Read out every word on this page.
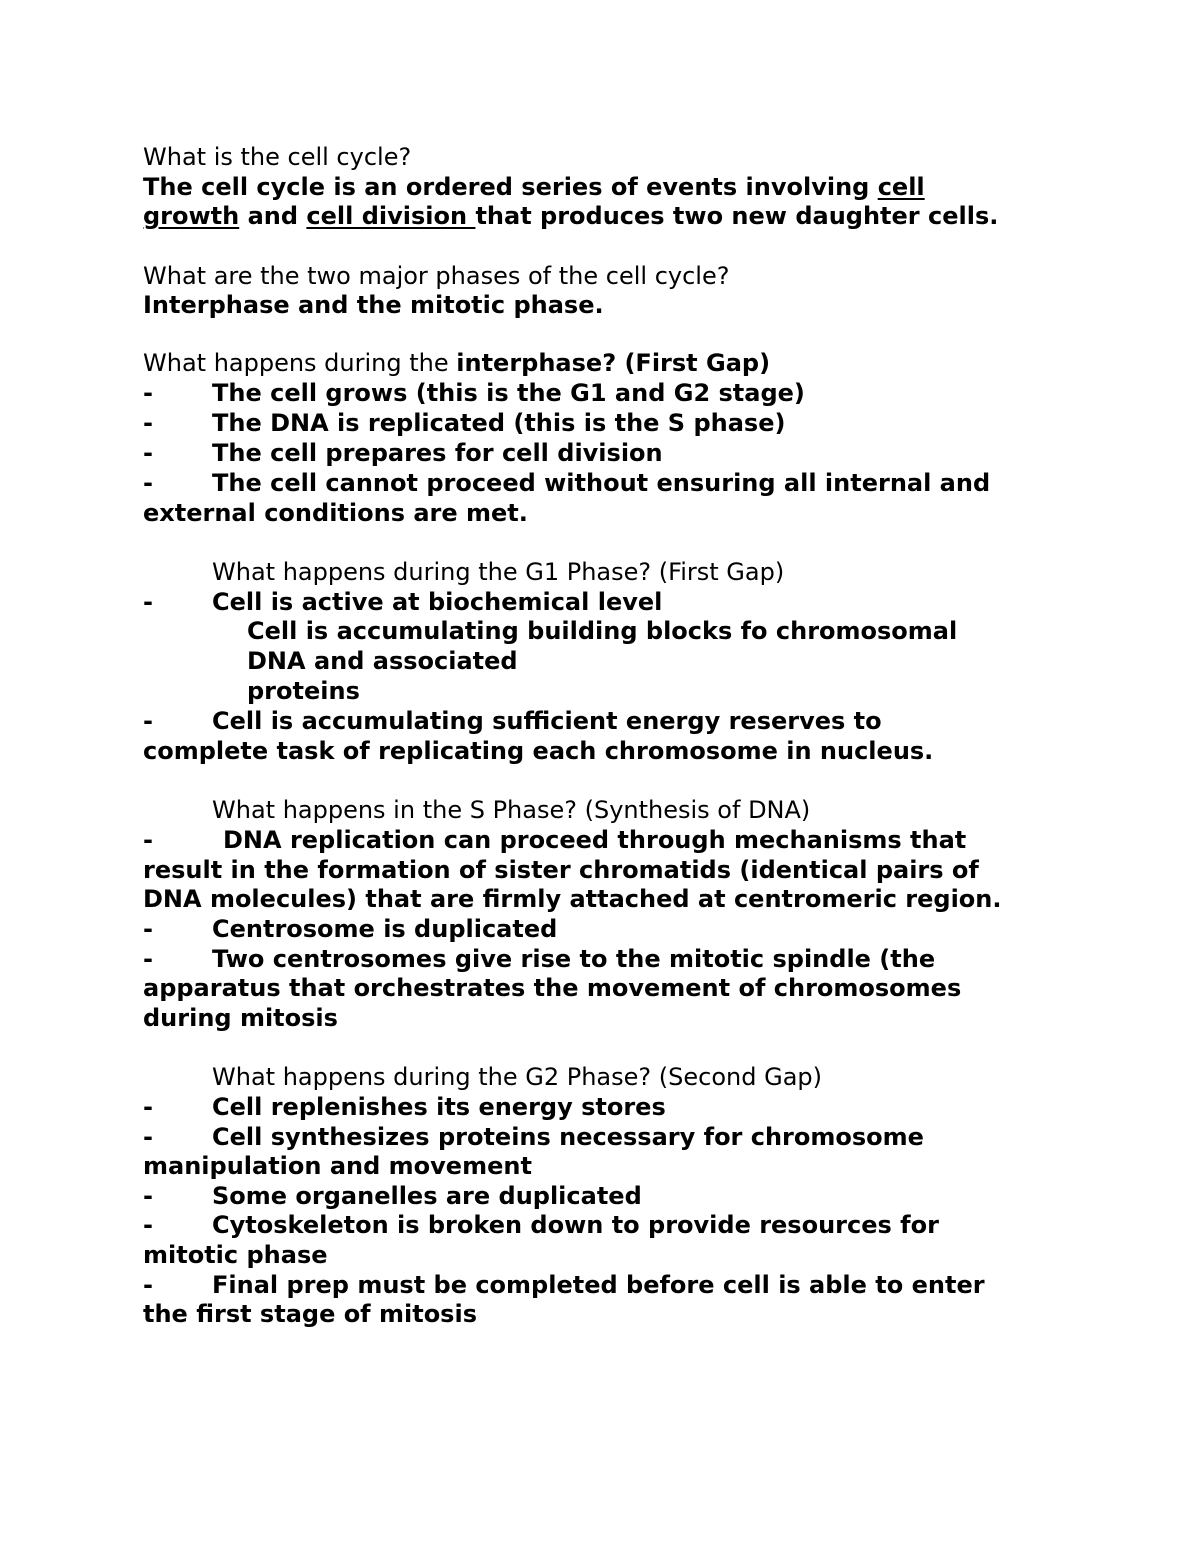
What is the cell cycle?
The cell cycle is an ordered series of events involving cell
growth and cell division that produces two new daughter cells.
What are the two major phases of the cell cycle?
Interphase and the mitotic phase.
What happens during the interphase? (First Gap)
-	The cell grows (this is the G1 and G2 stage)
-	The DNA is replicated (this is the S phase)
-	The cell prepares for cell division
-	The cell cannot proceed without ensuring all internal and
external conditions are met.
What happens during the G1 Phase? (First Gap)
-	Cell is active at biochemical level
Cell is accumulating building blocks fo chromosomal
DNA and associated
proteins
-	Cell is accumulating sufficient energy reserves to
complete task of replicating each chromosome in nucleus.
What happens in the S Phase? (Synthesis of DNA)
-	DNA replication can proceed through mechanisms that
result in the formation of sister chromatids (identical pairs of
DNA molecules) that are firmly attached at centromeric region.
-	Centrosome is duplicated
-	Two centrosomes give rise to the mitotic spindle (the
apparatus that orchestrates the movement of chromosomes
during mitosis
What happens during the G2 Phase? (Second Gap)
-	Cell replenishes its energy stores
-	Cell synthesizes proteins necessary for chromosome
manipulation and movement
-	Some organelles are duplicated
-	Cytoskeleton is broken down to provide resources for
mitotic phase
-	Final prep must be completed before cell is able to enter
the first stage of mitosis
